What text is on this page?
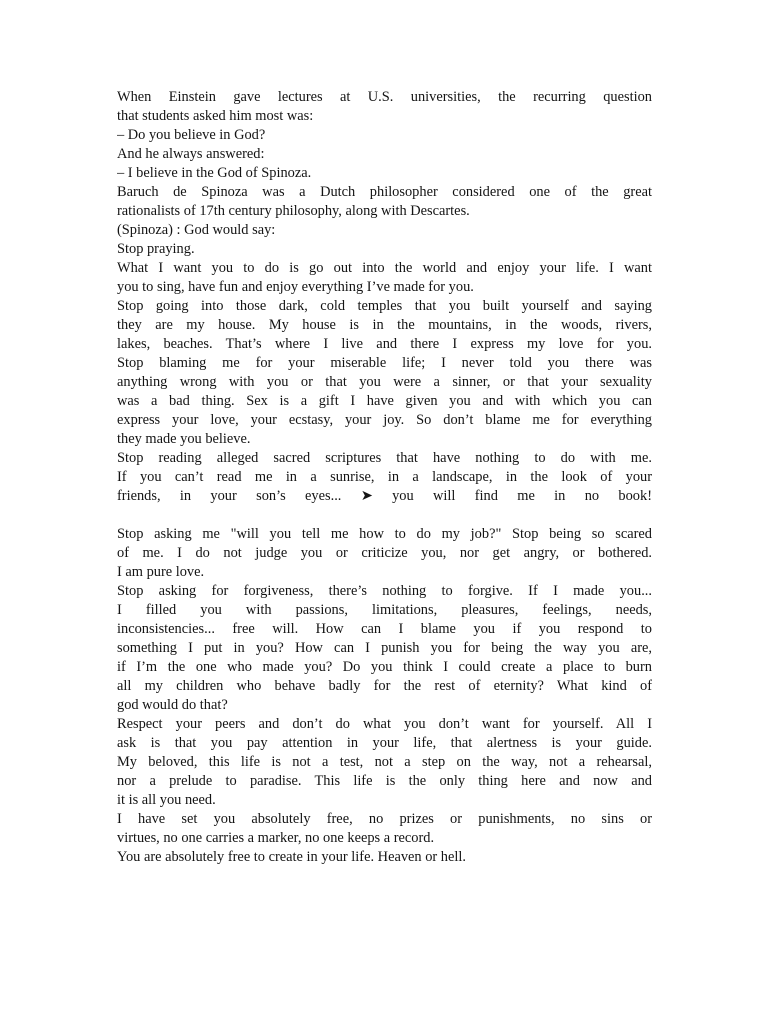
When Einstein gave lectures at U.S. universities, the recurring question
that students asked him most was:
– Do you believe in God?
And he always answered:
– I believe in the God of Spinoza.
Baruch de Spinoza was a Dutch philosopher considered one of the great
rationalists of 17th century philosophy, along with Descartes.
(Spinoza) : God would say:
Stop praying.
What I want you to do is go out into the world and enjoy your life. I want
you to sing, have fun and enjoy everything I’ve made for you.
Stop going into those dark, cold temples that you built yourself and saying
they are my house. My house is in the mountains, in the woods, rivers,
lakes, beaches. That’s where I live and there I express my love for you.
Stop blaming me for your miserable life; I never told you there was
anything wrong with you or that you were a sinner, or that your sexuality
was a bad thing. Sex is a gift I have given you and with which you can
express your love, your ecstasy, your joy. So don’t blame me for everything
they made you believe.
Stop reading alleged sacred scriptures that have nothing to do with me.
If you can’t read me in a sunrise, in a landscape, in the look of your
friends, in your son’s eyes... ➤ you will find me in no book!
Stop asking me "will you tell me how to do my job?" Stop being so scared
of me. I do not judge you or criticize you, nor get angry, or bothered.
I am pure love.
Stop asking for forgiveness, there’s nothing to forgive. If I made you...
I filled you with passions, limitations, pleasures, feelings, needs,
inconsistencies... free will. How can I blame you if you respond to
something I put in you? How can I punish you for being the way you are,
if I’m the one who made you? Do you think I could create a place to burn
all my children who behave badly for the rest of eternity? What kind of
god would do that?
Respect your peers and don’t do what you don’t want for yourself. All I
ask is that you pay attention in your life, that alertness is your guide.
My beloved, this life is not a test, not a step on the way, not a rehearsal,
nor a prelude to paradise. This life is the only thing here and now and
it is all you need.
I have set you absolutely free, no prizes or punishments, no sins or
virtues, no one carries a marker, no one keeps a record.
You are absolutely free to create in your life. Heaven or hell.
